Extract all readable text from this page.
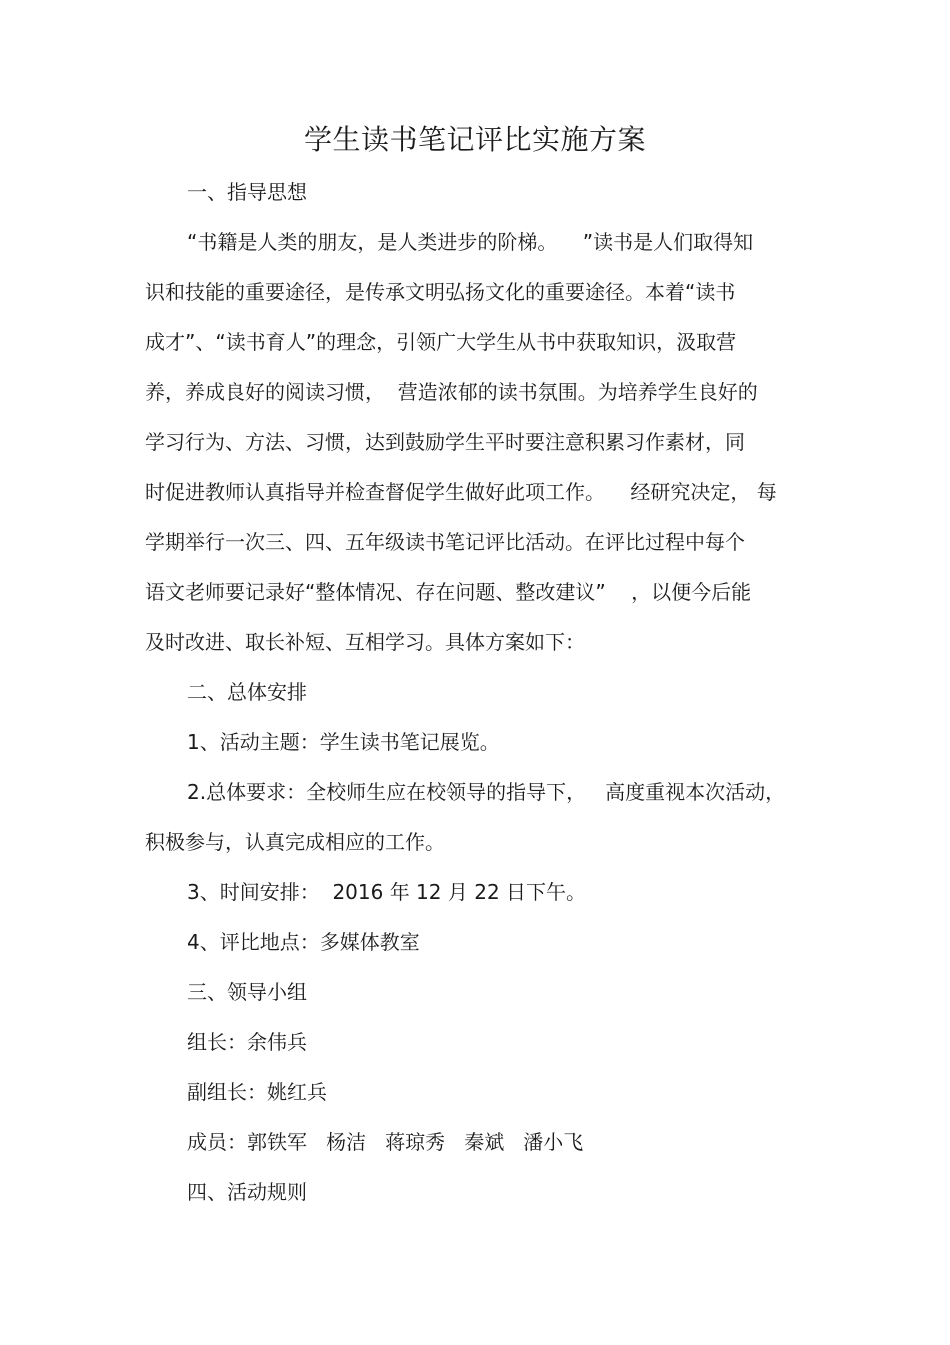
学生读书笔记评比实施方案
一、指导思想
“书籍是人类的朋友，是人类进步的阶梯。    ”读书是人们取得知
识和技能的重要途径，是传承文明弘扬文化的重要途径。本着“读书
成才”、“读书育人”的理念，引领广大学生从书中获取知识，汲取营
养，养成良好的阅读习惯，  营造浓郁的读书氛围。为培养学生良好的
学习行为、方法、习惯，达到鼓励学生平时要注意积累习作素材，同
时促进教师认真指导并检查督促学生做好此项工作。    经研究决定， 每
学期举行一次三、四、五年级读书笔记评比活动。在评比过程中每个
语文老师要记录好“整体情况、存在问题、整改建议”    ，以便今后能
及时改进、取长补短、互相学习。具体方案如下：
二、总体安排
1、活动主题：学生读书笔记展览。
2.总体要求：全校师生应在校领导的指导下，   高度重视本次活动，
积极参与，认真完成相应的工作。
3、时间安排：  2016 年 12 月 22 日下午。
4、评比地点：多媒体教室
三、领导小组
组长：余伟兵
副组长：姚红兵
成员：郭铁军   杨洁   蒋琼秀   秦斌   潘小飞
四、活动规则
